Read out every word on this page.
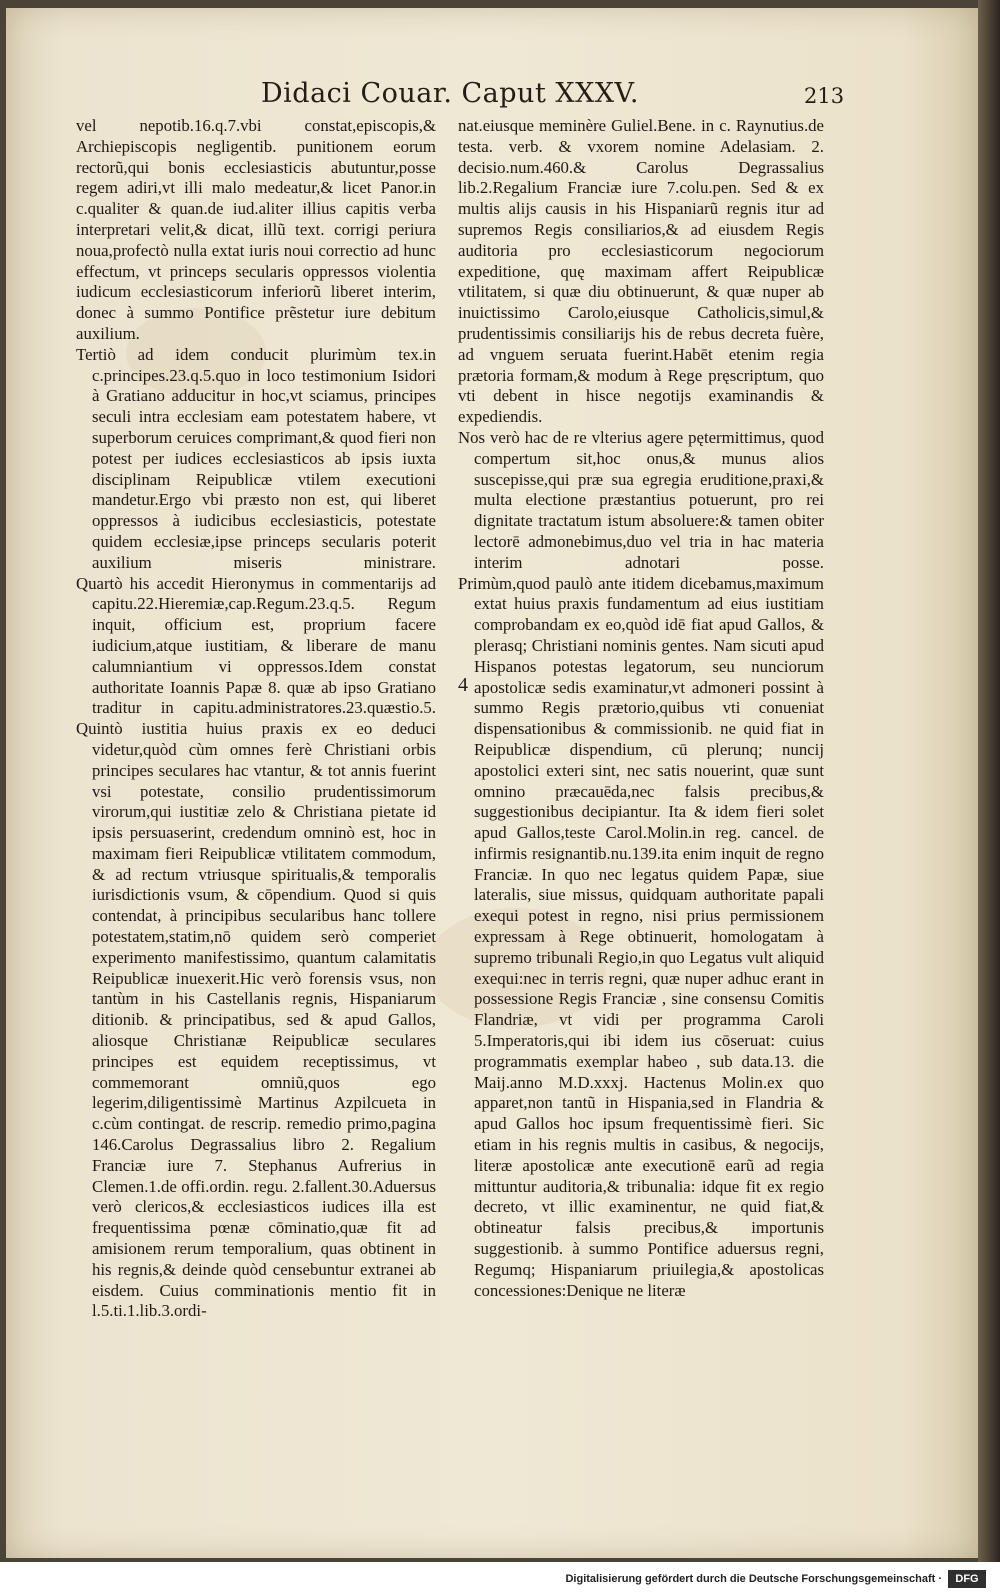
Didaci Couar. Caput XXXV.	213

vel nepotib.16.q.7.vbi constat,episcopis,& Archiepiscopis negligentib. punitionem eorum rectorũ,qui bonis ecclesiasticis abutuntur,posse regem adiri,vt illi malo medeatur,& licet Panor.in c.qualiter & quan.de iud.aliter illius capitis verba interpretari velit,& dicat, illũ text. corrigi periura noua,profectò nulla extat iuris noui correctio ad hunc effectum, vt princeps secularis oppressos violentia iudicum ecclesiasticorum inferiorũ liberet interim, donec à summo Pontifice prẽstetur iure debitum auxilium.

Tertiò ad idem conducit plurimùm tex.in c.principes.23.q.5.quo in loco testimonium Isidori à Gratiano adducitur in hoc,vt sciamus, principes seculi intra ecclesiam eam potestatem habere, vt superborum ceruices comprimant,& quod fieri non potest per iudices ecclesiasticos ab ipsis iuxta disciplinam Reipublicæ vtilem executioni mandetur.Ergo vbi præsto non est, qui liberet oppressos à iudicibus ecclesiasticis, potestate quidem ecclesiæ,ipse princeps secularis poterit auxilium miseris ministrare.

Quartò his accedit Hieronymus in commentarijs ad capitu.22.Hieremiæ,cap.Regum.23.q.5. Regum inquit, officium est, proprium facere iudicium,atque iustitiam, & liberare de manu calumniantium vi oppressos.Idem constat authoritate Ioannis Papæ 8. quæ ab ipso Gratiano traditur in capitu.administratores.23.quæstio.5.

Quintò iustitia huius praxis ex eo deduci videtur,quòd cùm omnes ferè Christiani orbis principes seculares hac vtantur, & tot annis fuerint vsi potestate, consilio prudentissimorum virorum,qui iustitiæ zelo & Christiana pietate id ipsis persuaserint, credendum omninò est, hoc in maximam fieri Reipublicæ vtilitatem commodum, & ad rectum vtriusque spiritualis,& temporalis iurisdictionis vsum, & cōpendium. Quod si quis contendat, à principibus secularibus hanc tollere potestatem,statim,nō quidem serò comperiet experimento manifestissimo, quantum calamitatis Reipublicæ inuexerit.Hic verò forensis vsus, non tantùm in his Castellanis regnis, Hispaniarum ditionib. & principatibus, sed & apud Gallos, aliosque Christianæ Reipublicæ seculares principes est equidem receptissimus, vt commemorant omniũ,quos ego legerim,diligentissimè Martinus Azpilcueta in c.cùm contingat. de rescrip. remedio primo,pagina 146.Carolus Degrassalius libro 2. Regalium Franciæ iure 7. Stephanus Aufrerius in Clemen.1.de offi.ordin. regu. 2.fallent.30.Aduersus verò clericos,& ecclesiasticos iudices illa est frequentissima pœnæ cōminatio,quæ fit ad amisionem rerum temporalium, quas obtinent in his regnis,& deinde quòd censebuntur extranei ab eisdem. Cuius comminationis mentio fit in l.5.ti.1.lib.3.ordi-

nat.eiusque meminère Guliel.Bene. in c. Raynutius.de testa. verb. & vxorem nomine Adelasiam. 2. decisio.num.460.& Carolus Degrassalius lib.2.Regalium Franciæ iure 7.colu.pen. Sed & ex multis alijs causis in his Hispaniarũ regnis itur ad supremos Regis consiliarios,& ad eiusdem Regis auditoria pro ecclesiasticorum negociorum expeditione, quę maximam affert Reipublicæ vtilitatem, si quæ diu obtinuerunt, & quæ nuper ab inuictissimo Carolo,eiusque Catholicis,simul,& prudentissimis consiliarijs his de rebus decreta fuère, ad vnguem seruata fuerint.Habēt etenim regia prætoria formam,& modum à Rege pręscriptum, quo vti debent in hisce negotijs examinandis & expediendis.

Nos verò hac de re vlterius agere pętermittimus, quod compertum sit,hoc onus,& munus alios suscepisse,qui præ sua egregia eruditione,praxi,& multa electione præstantius potuerunt, pro rei dignitate tractatum istum absoluere:& tamen obiter lectorē admonebimus,duo vel tria in hac materia interim adnotari posse.

Primùm,quod paulò ante itidem dicebamus,maximum extat huius praxis fundamentum ad eius iustitiam comprobandam ex eo,quòd idē fiat apud Gallos, & plerasq; Christiani nominis gentes. Nam sicuti apud Hispanos potestas legatorum, seu nunciorum apostolicæ sedis examinatur,vt admoneri possint à summo Regis prætorio,quibus vti conueniat dispensationibus & commissionib. ne quid fiat in Reipublicæ dispendium, cū plerunq; nuncij apostolici exteri sint, nec satis nouerint, quæ sunt omnino præcauēda,nec falsis precibus,& suggestionibus decipiantur. Ita & idem fieri solet apud Gallos,teste Carol.Molin.in reg. cancel. de infirmis resignantib.nu.139.ita enim inquit de regno Franciæ. In quo nec legatus quidem Papæ, siue lateralis, siue missus, quidquam authoritate papali exequi potest in regno, nisi prius permissionem expressam à Rege obtinuerit, homologatam à supremo tribunali Regio,in quo Legatus vult aliquid exequi:nec in terris regni, quæ nuper adhuc erant in possessione Regis Franciæ , sine consensu Comitis Flandriæ, vt vidi per programma Caroli 5.Imperatoris,qui ibi idem ius cōseruat: cuius programmatis exemplar habeo , sub data.13. die Maij.anno M.D.xxxj. Hactenus Molin.ex quo apparet,non tantũ in Hispania,sed in Flandria & apud Gallos hoc ipsum frequentissimè fieri. Sic etiam in his regnis multis in casibus, & negocijs, literæ apostolicæ ante executionē earũ ad regia mittuntur auditoria,& tribunalia: idque fit ex regio decreto, vt illic examinentur, ne quid fiat,& obtineatur falsis precibus,& importunis suggestionib. à summo Pontifice aduersus regni, Regumq; Hispaniarum priuilegia,& apostolicas concessiones:Denique ne literæ

4
Digitalisierung gefördert durch die Deutsche Forschungsgemeinschaft ·	DFG
